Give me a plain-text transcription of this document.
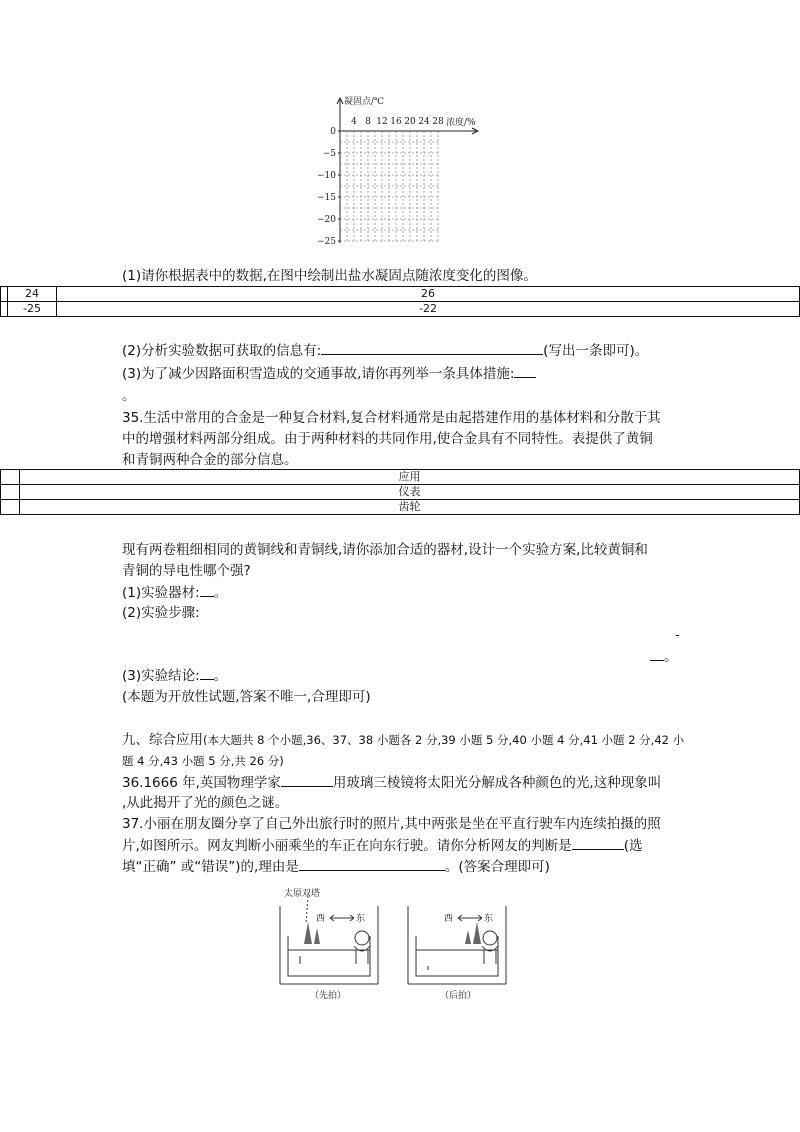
4 8 12 16 20 24 28
0
−5
−10
−15
−20
−25
凝固点/℃
浓度/%
(1)请你根据表中的数据,在图中绘制出盐水凝固点随浓度变化的图像。
	24	26
	-25	-22
(2)分析实验数据可获取的信息有:	(写出一条即可)。
(3)为了减少因路面积雪造成的交通事故,请你再列举一条具体措施:
。
35.生活中常用的合金是一种复合材料,复合材料通常是由起搭建作用的基体材料和分散于其
中的增强材料两部分组成。由于两种材料的共同作用,使合金具有不同特性。表提供了黄铜
和青铜两种合金的部分信息。
	应用
	仪表
	齿轮
现有两卷粗细相同的黄铜线和青铜线,请你添加合适的器材,设计一个实验方案,比较黄铜和
青铜的导电性哪个强?
(1)实验器材: 。
(2)实验步骤:
-
。
(3)实验结论: 。
(本题为开放性试题,答案不唯一,合理即可)
九、综合应用(本大题共 8 个小题,36、37、38 小题各 2 分,39 小题 5 分,40 小题 4 分,41 小题 2 分,42 小
题 4 分,43 小题 5 分,共 26 分)
36.1666 年,英国物理学家	用玻璃三棱镜将太阳光分解成各种颜色的光,这种现象叫
,从此揭开了光的颜色之谜。
37.小丽在朋友圈分享了自己外出旅行时的照片,其中两张是坐在平直行驶车内连续拍摄的照
片,如图所示。网友判断小丽乘坐的车正在向东行驶。请你分析网友的判断是	(选
填“正确” 或“错误”)的,理由是	。(答案合理即可)
太原双塔
西	东	西	东
（先拍）	（后拍）
